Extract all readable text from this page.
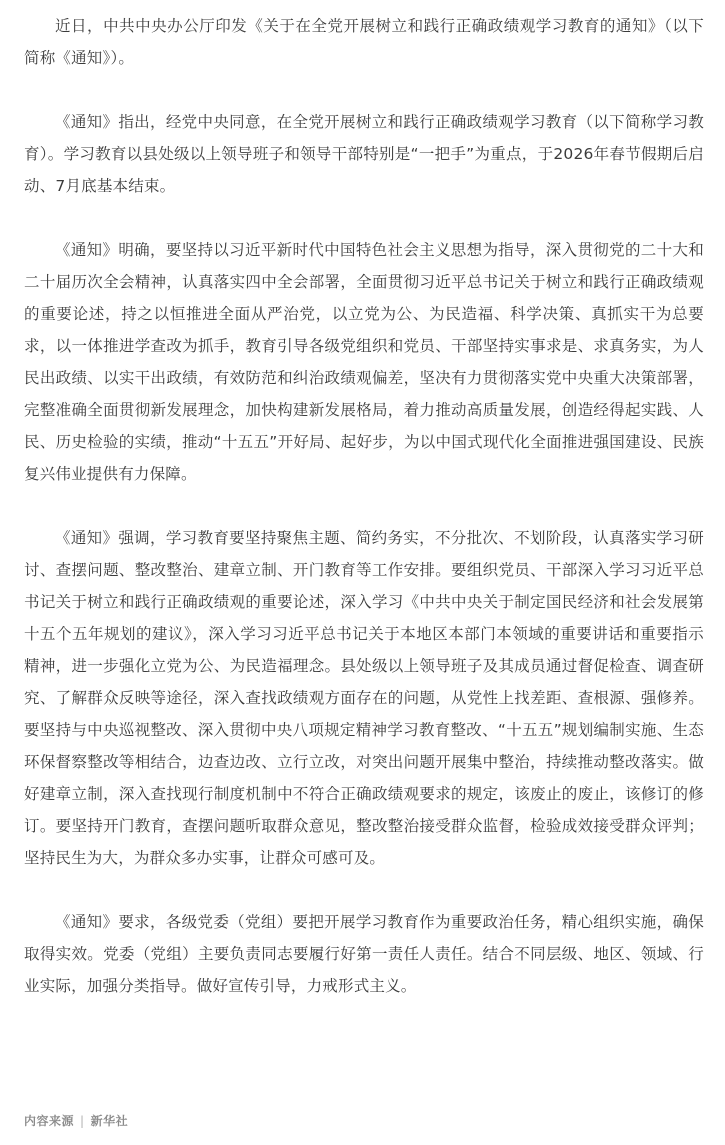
近日，中共中央办公厅印发《关于在全党开展树立和践行正确政绩观学习教育的通知》（以下简称《通知》）。

《通知》指出，经党中央同意，在全党开展树立和践行正确政绩观学习教育（以下简称学习教育）。学习教育以县处级以上领导班子和领导干部特别是“一把手”为重点，于2026年春节假期后启动、7月底基本结束。

《通知》明确，要坚持以习近平新时代中国特色社会主义思想为指导，深入贯彻党的二十大和二十届历次全会精神，认真落实四中全会部署，全面贯彻习近平总书记关于树立和践行正确政绩观的重要论述，持之以恒推进全面从严治党，以立党为公、为民造福、科学决策、真抓实干为总要求，以一体推进学查改为抓手，教育引导各级党组织和党员、干部坚持实事求是、求真务实，为人民出政绩、以实干出政绩，有效防范和纠治政绩观偏差，坚决有力贯彻落实党中央重大决策部署，完整准确全面贯彻新发展理念，加快构建新发展格局，着力推动高质量发展，创造经得起实践、人民、历史检验的实绩，推动“十五五”开好局、起好步，为以中国式现代化全面推进强国建设、民族复兴伟业提供有力保障。

《通知》强调，学习教育要坚持聚焦主题、简约务实，不分批次、不划阶段，认真落实学习研讨、查摆问题、整改整治、建章立制、开门教育等工作安排。要组织党员、干部深入学习习近平总书记关于树立和践行正确政绩观的重要论述，深入学习《中共中央关于制定国民经济和社会发展第十五个五年规划的建议》，深入学习习近平总书记关于本地区本部门本领域的重要讲话和重要指示精神，进一步强化立党为公、为民造福理念。县处级以上领导班子及其成员通过督促检查、调查研究、了解群众反映等途径，深入查找政绩观方面存在的问题，从党性上找差距、查根源、强修养。要坚持与中央巡视整改、深入贯彻中央八项规定精神学习教育整改、“十五五”规划编制实施、生态环保督察整改等相结合，边查边改、立行立改，对突出问题开展集中整治，持续推动整改落实。做好建章立制，深入查找现行制度机制中不符合正确政绩观要求的规定，该废止的废止，该修订的修订。要坚持开门教育，查摆问题听取群众意见，整改整治接受群众监督，检验成效接受群众评判；坚持民生为大，为群众多办实事，让群众可感可及。

《通知》要求，各级党委（党组）要把开展学习教育作为重要政治任务，精心组织实施，确保取得实效。党委（党组）主要负责同志要履行好第一责任人责任。结合不同层级、地区、领域、行业实际，加强分类指导。做好宣传引导，力戒形式主义。

内容来源 | 新华社
